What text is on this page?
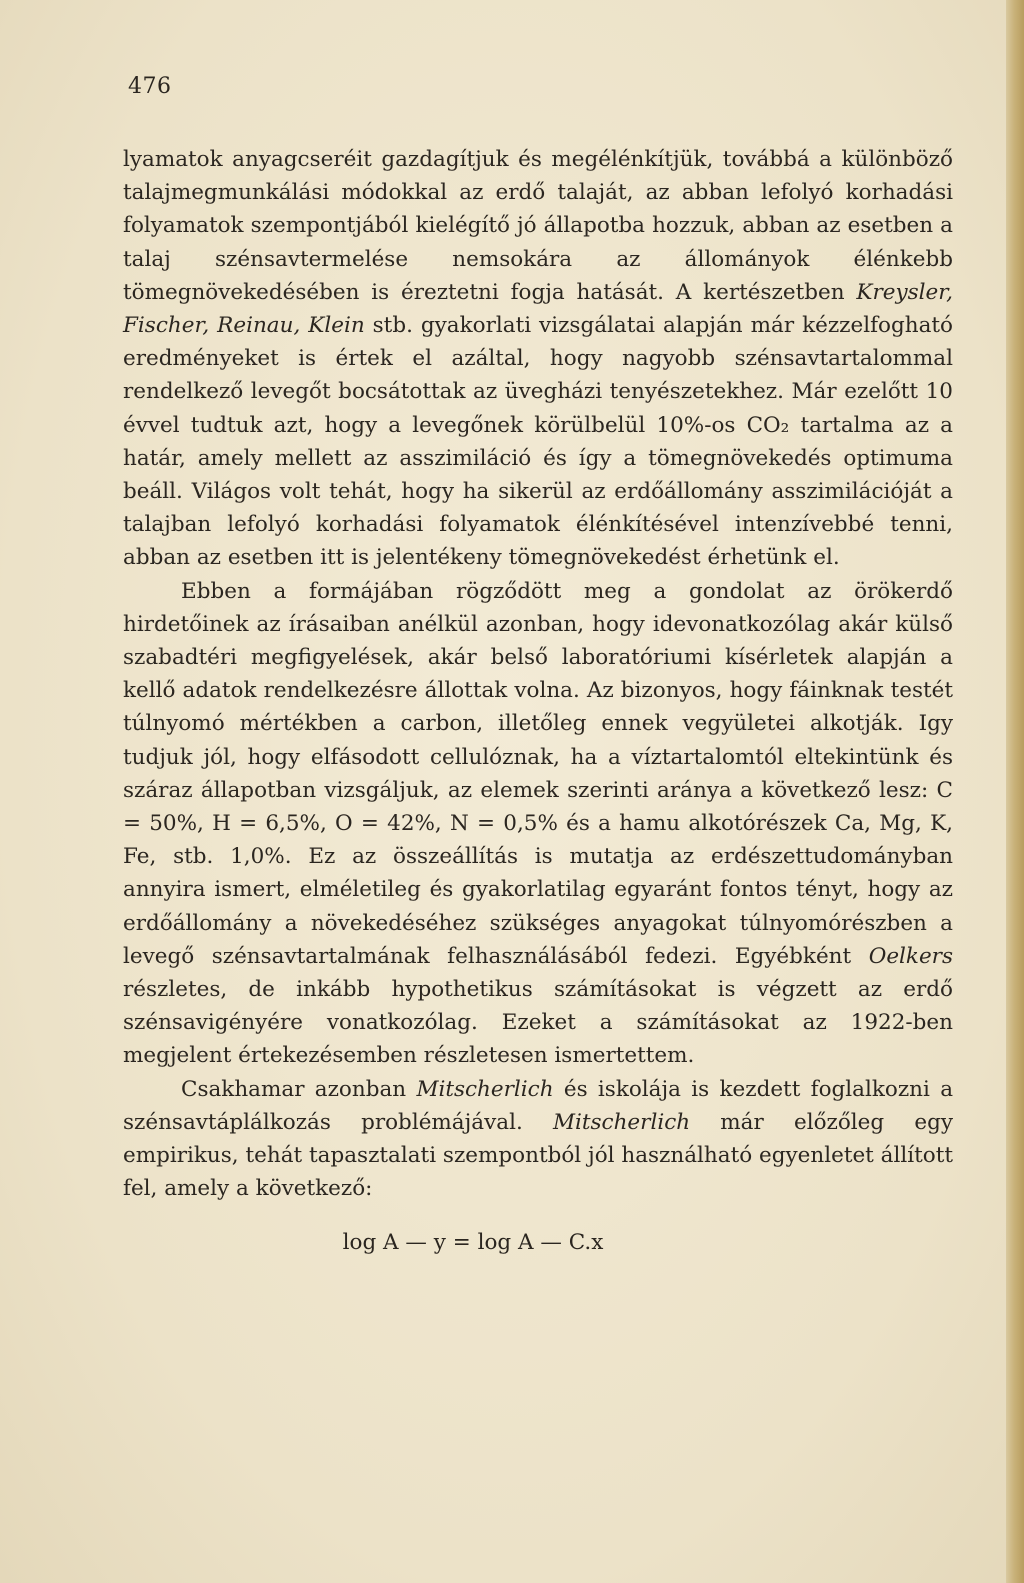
476

lyamatok anyagcseréit gazdagítjuk és megélénkítjük, továbbá a különböző talajmegmunkálási módokkal az erdő talaját, az abban lefolyó korhadási folyamatok szempontjából kielégítő jó állapotba hozzuk, abban az esetben a talaj szénsavtermelése nemsokára az állományok élénkebb tömegnövekedésében is éreztetni fogja hatását. A kertészetben Kreysler, Fischer, Reinau, Klein stb. gyakorlati vizsgálatai alapján már kézzelfogható eredményeket is értek el azáltal, hogy nagyobb szénsavtartalommal rendelkező levegőt bocsátottak az üvegházi tenyészetekhez. Már ezelőtt 10 évvel tudtuk azt, hogy a levegőnek körülbelül 10%-os CO₂ tartalma az a határ, amely mellett az asszimiláció és így a tömegnövekedés optimuma beáll. Világos volt tehát, hogy ha sikerül az erdőállomány asszimilációját a talajban lefolyó korhadási folyamatok élénkítésével intenzívebbé tenni, abban az esetben itt is jelentékeny tömegnövekedést érhetünk el.

Ebben a formájában rögződött meg a gondolat az örökerdő hirdetőinek az írásaiban anélkül azonban, hogy idevonatkozólag akár külső szabadtéri megfigyelések, akár belső laboratóriumi kísérletek alapján a kellő adatok rendelkezésre állottak volna. Az bizonyos, hogy fáinknak testét túlnyomó mértékben a carbon, illetőleg ennek vegyületei alkotják. Igy tudjuk jól, hogy elfásodott cellulóznak, ha a víztartalomtól eltekintünk és száraz állapotban vizsgáljuk, az elemek szerinti aránya a következő lesz: C = 50%, H = 6,5%, O = 42%, N = 0,5% és a hamu alkotórészek Ca, Mg, K, Fe, stb. 1,0%. Ez az összeállítás is mutatja az erdészettudományban annyira ismert, elméletileg és gyakorlatilag egyaránt fontos tényt, hogy az erdőállomány a növekedéséhez szükséges anyagokat túlnyomórészben a levegő szénsavtartalmának felhasználásából fedezi. Egyébként Oelkers részletes, de inkább hypothetikus számításokat is végzett az erdő szénsavigényére vonatkozólag. Ezeket a számításokat az 1922-ben megjelent értekezésemben részletesen ismertettem.

Csakhamar azonban Mitscherlich és iskolája is kezdett foglalkozni a szénsavtáplálkozás problémájával. Mitscherlich már előzőleg egy empirikus, tehát tapasztalati szempontból jól használható egyenletet állított fel, amely a következő:

log A — y = log A — C.x
